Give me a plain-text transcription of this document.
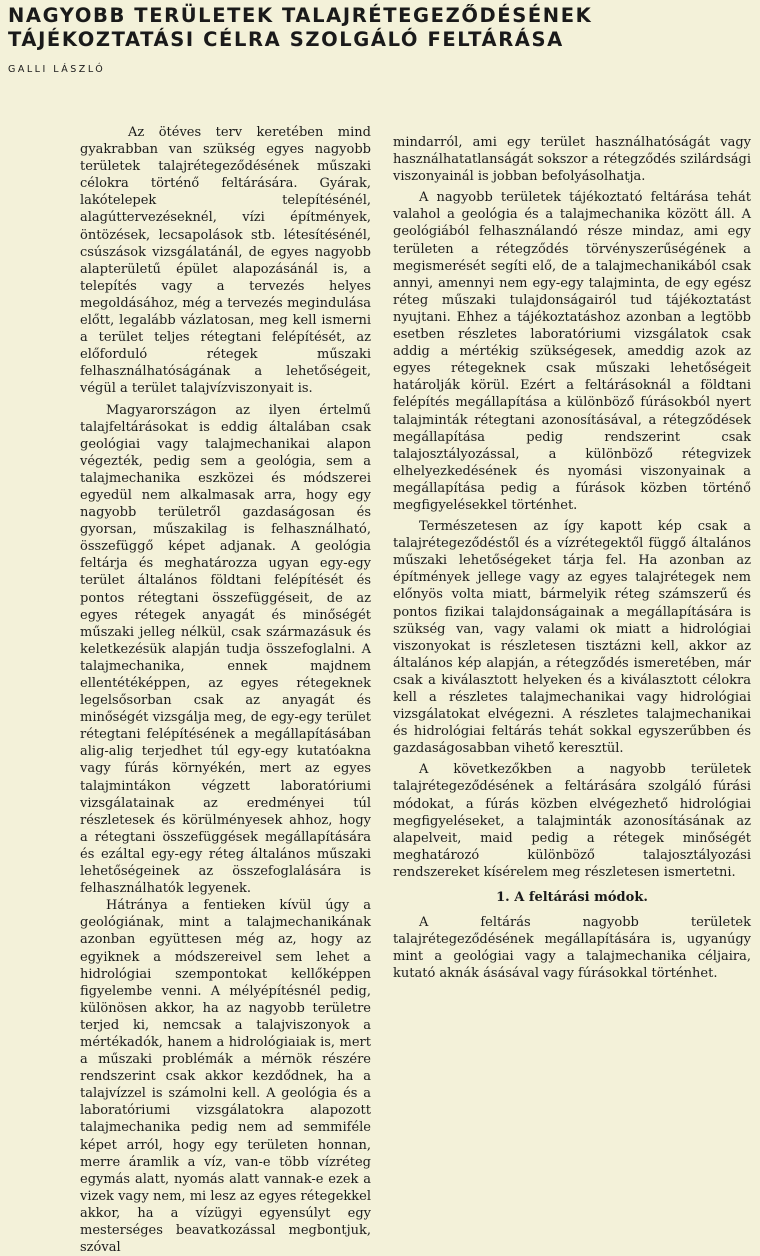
NAGYOBB TERÜLETEK TALAJRÉTEGEZŐDÉSÉNEK
TÁJÉKOZTATÁSI CÉLRA SZOLGÁLÓ FELTÁRÁSA
GALLI LÁSZLÓ

Az ötéves terv keretében mind gyakrabban van szükség egyes nagyobb területek talajrétegeződésének műszaki célokra történő feltárására. Gyárak, lakótelepek telepítésénél, alagúttervezéseknél, vízi építmények, öntözések, lecsapolások stb. létesítésénél, csúszások vizsgálatánál, de egyes nagyobb alapterületű épület alapozásánál is, a telepítés vagy a tervezés helyes megoldásához, még a tervezés megindulása előtt, legalább vázlatosan, meg kell ismerni a terület teljes rétegtani felépítését, az előforduló rétegek műszaki felhasználhatóságának a lehetőségeit, végül a terület talajvízviszonyait is.

Magyarországon az ilyen értelmű talajfeltárásokat is eddig általában csak geológiai vagy talajmechanikai alapon végezték, pedig sem a geológia, sem a talajmechanika eszközei és módszerei egyedül nem alkalmasak arra, hogy egy nagyobb területről gazdaságosan és gyorsan, műszakilag is felhasználható, összefüggő képet adjanak. A geológia feltárja és meghatározza ugyan egy-egy terület általános földtani felépítését és pontos rétegtani összefüggéseit, de az egyes rétegek anyagát és minőségét műszaki jelleg nélkül, csak származásuk és keletkezésük alapján tudja összefoglalni. A talajmechanika, ennek majdnem ellentétéképpen, az egyes rétegeknek legelsősorban csak az anyagát és minőségét vizsgálja meg, de egy-egy terület rétegtani felépítésének a megállapításában alig-alig terjedhet túl egy-egy kutatóakna vagy fúrás környékén, mert az egyes talajmintákon végzett laboratóriumi vizsgálatainak az eredményei túl részletesek és körülményesek ahhoz, hogy a rétegtani összefüggések megállapítására és ezáltal egy-egy réteg általános műszaki lehetőségeinek az összefoglalására is felhasználhatók legyenek.

Hátránya a fentieken kívül úgy a geológiának, mint a talajmechanikának azonban együttesen még az, hogy az egyiknek a módszereivel sem lehet a hidrológiai szempontokat kellőképpen figyelembe venni. A mélyépítésnél pedig, különösen akkor, ha az nagyobb területre terjed ki, nemcsak a talajviszonyok a mértékadók, hanem a hidrológiaiak is, mert a műszaki problémák a mérnök részére rendszerint csak akkor kezdődnek, ha a talajvízzel is számolni kell. A geológia és a laboratóriumi vizsgálatokra alapozott talajmechanika pedig nem ad semmiféle képet arról, hogy egy területen honnan, merre áramlik a víz, van-e több vízréteg egymás alatt, nyomás alatt vannak-e ezek a vizek vagy nem, mi lesz az egyes rétegekkel akkor, ha a vízügyi egyensúlyt egy mesterséges beavatkozással megbontjuk, szóval

mindarról, ami egy terület használhatóságát vagy használhatatlanságát sokszor a rétegződés szilárdsági viszonyainál is jobban befolyásolhatja.

A nagyobb területek tájékoztató feltárása tehát valahol a geológia és a talajmechanika között áll. A geológiából felhasználandó része mindaz, ami egy területen a rétegződés törvényszerűségének a megismerését segíti elő, de a talajmechanikából csak annyi, amennyi nem egy-egy talajminta, de egy egész réteg műszaki tulajdonságairól tud tájékoztatást nyujtani. Ehhez a tájékoztatáshoz azonban a legtöbb esetben részletes laboratóriumi vizsgálatok csak addig a mértékig szükségesek, ameddig azok az egyes rétegeknek csak műszaki lehetőségeit határolják körül. Ezért a feltárásoknál a földtani felépítés megállapítása a különböző fúrásokból nyert talajminták rétegtani azonosításával, a rétegződések megállapítása pedig rendszerint csak talajosztályozással, a különböző rétegvizek elhelyezkedésének és nyomási viszonyainak a megállapítása pedig a fúrások közben történő megfigyelésekkel történhet.

Természetesen az így kapott kép csak a talajrétegeződéstől és a vízrétegektől függő általános műszaki lehetőségeket tárja fel. Ha azonban az építmények jellege vagy az egyes talajrétegek nem előnyös volta miatt, bármelyik réteg számszerű és pontos fizikai talajdonságainak a megállapítására is szükség van, vagy valami ok miatt a hidrológiai viszonyokat is részletesen tisztázni kell, akkor az általános kép alapján, a rétegződés ismeretében, már csak a kiválasztott helyeken és a kiválasztott célokra kell a részletes talajmechanikai vagy hidrológiai vizsgálatokat elvégezni. A részletes talajmechanikai és hidrológiai feltárás tehát sokkal egyszerűbben és gazdaságosabban vihető keresztül.

A következőkben a nagyobb területek talajrétegeződésének a feltárására szolgáló fúrási módokat, a fúrás közben elvégezhető hidrológiai megfigyeléseket, a talajminták azonosításának az alapelveit, maid pedig a rétegek minőségét meghatározó különböző talajosztályozási rendszereket kísérelem meg részletesen ismertetni.

1. A feltárási módok.

A feltárás nagyobb területek talajrétegeződésének megállapítására is, ugyanúgy mint a geológiai vagy a talajmechanika céljaira, kutató aknák ásásával vagy fúrásokkal történhet.
